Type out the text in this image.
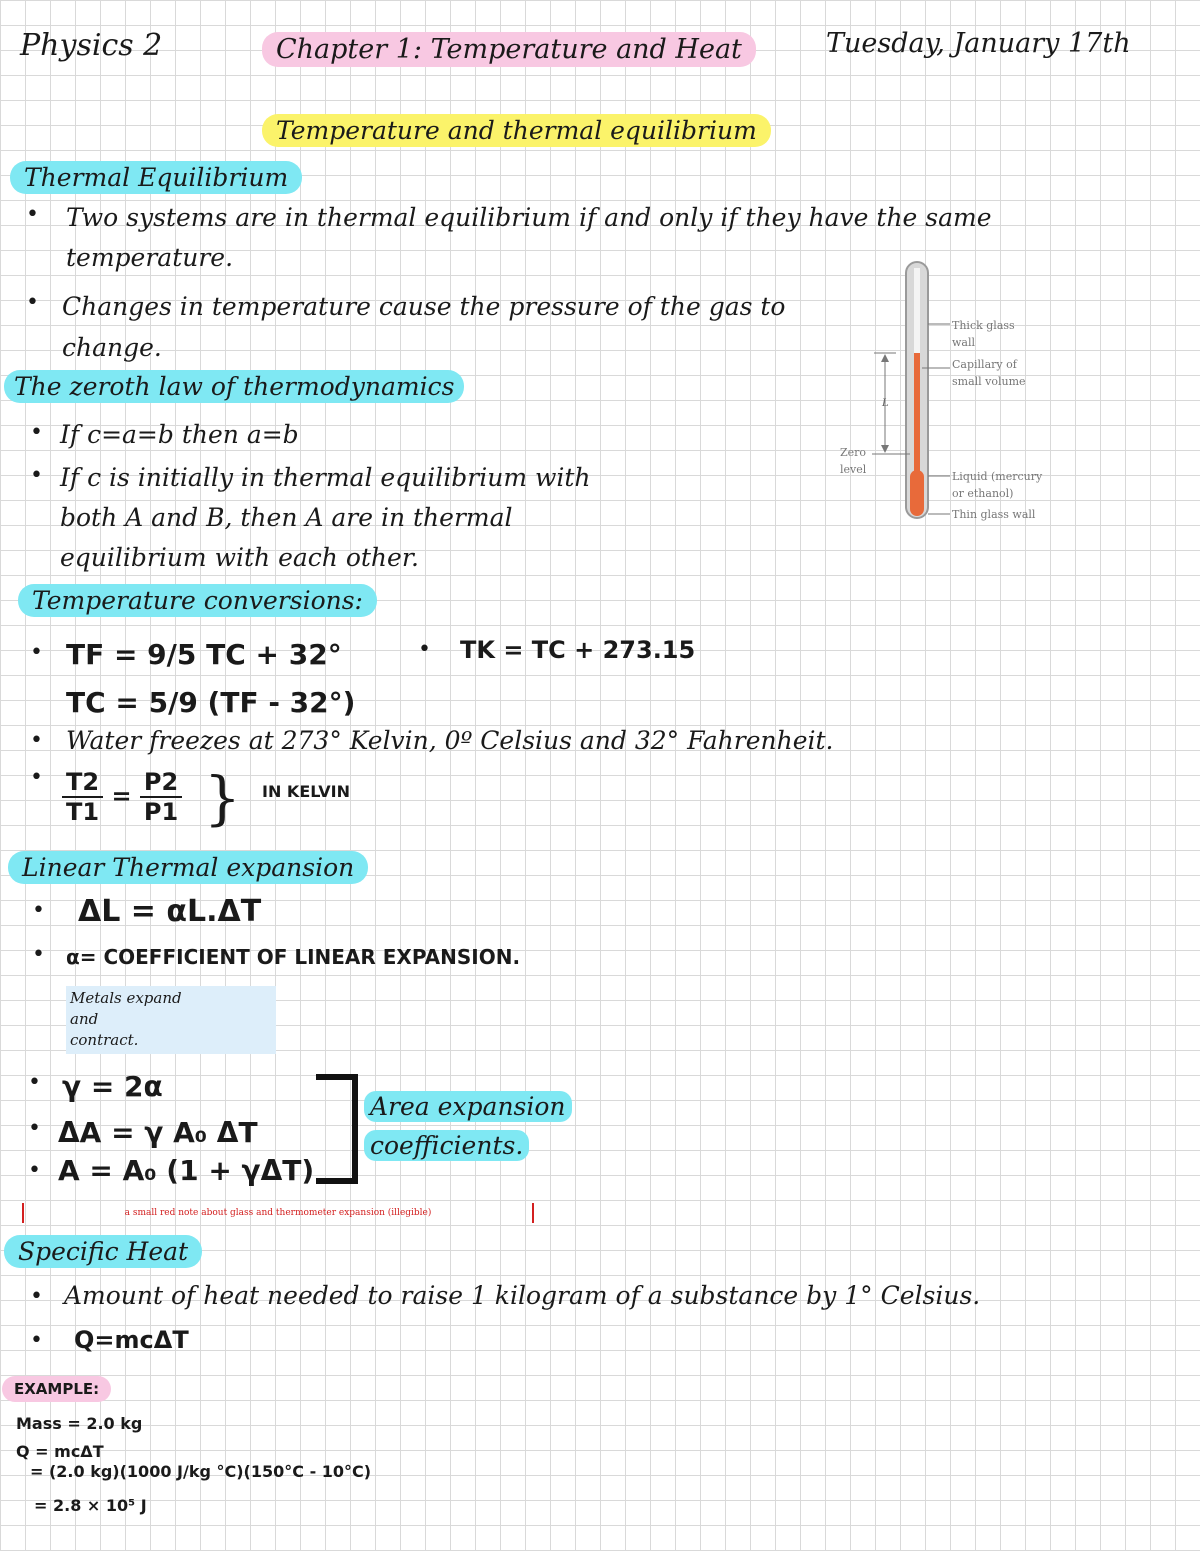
Physics 2	Chapter 1: Temperature and Heat	Tuesday, January 17th
Temperature and thermal equilibrium
Thermal Equilibrium
• Two systems are in thermal equilibrium if and only if they have the same
temperature.
• Changes in temperature cause the pressure of the gas to
change.
The zeroth law of thermodynamics
• If c=a=b then a=b
• If c is initially in thermal equilibrium with
both A and B, then A are in thermal
equilibrium with each other.
L
Thick glass
wall
Capillary of
small volume
Zero
level
Liquid (mercury
or ethanol)
Thin glass wall
Temperature conversions:
• TF = 9/5 TC + 32°	• TK = TC + 273.15
TC = 5/9 (TF - 32°)
• Water freezes at 273° Kelvin, 0º Celsius and 32° Fahrenheit.
• $\frac{T2}{T1} = \frac{P2}{P1}$ } IN KELVIN
Linear Thermal expansion
• ΔL = αL.ΔT
• α= COEFFICIENT OF LINEAR EXPANSION.
Metals expand
and
contract.
• γ = 2α
• ΔA = γ A₀ ΔT
• A = A₀ (1 + γΔT)
Area expansion
coefficients.
a small red note about glass and thermometer expansion (illegible)
Specific Heat
• Amount of heat needed to raise 1 kilogram of a substance by 1° Celsius.
• Q=mcΔT
EXAMPLE:
Mass = 2.0 kg
Q = mcΔT
= (2.0 kg)(1000 J/kg °C)(150°C - 10°C)
= 2.8 × 10⁵ J
